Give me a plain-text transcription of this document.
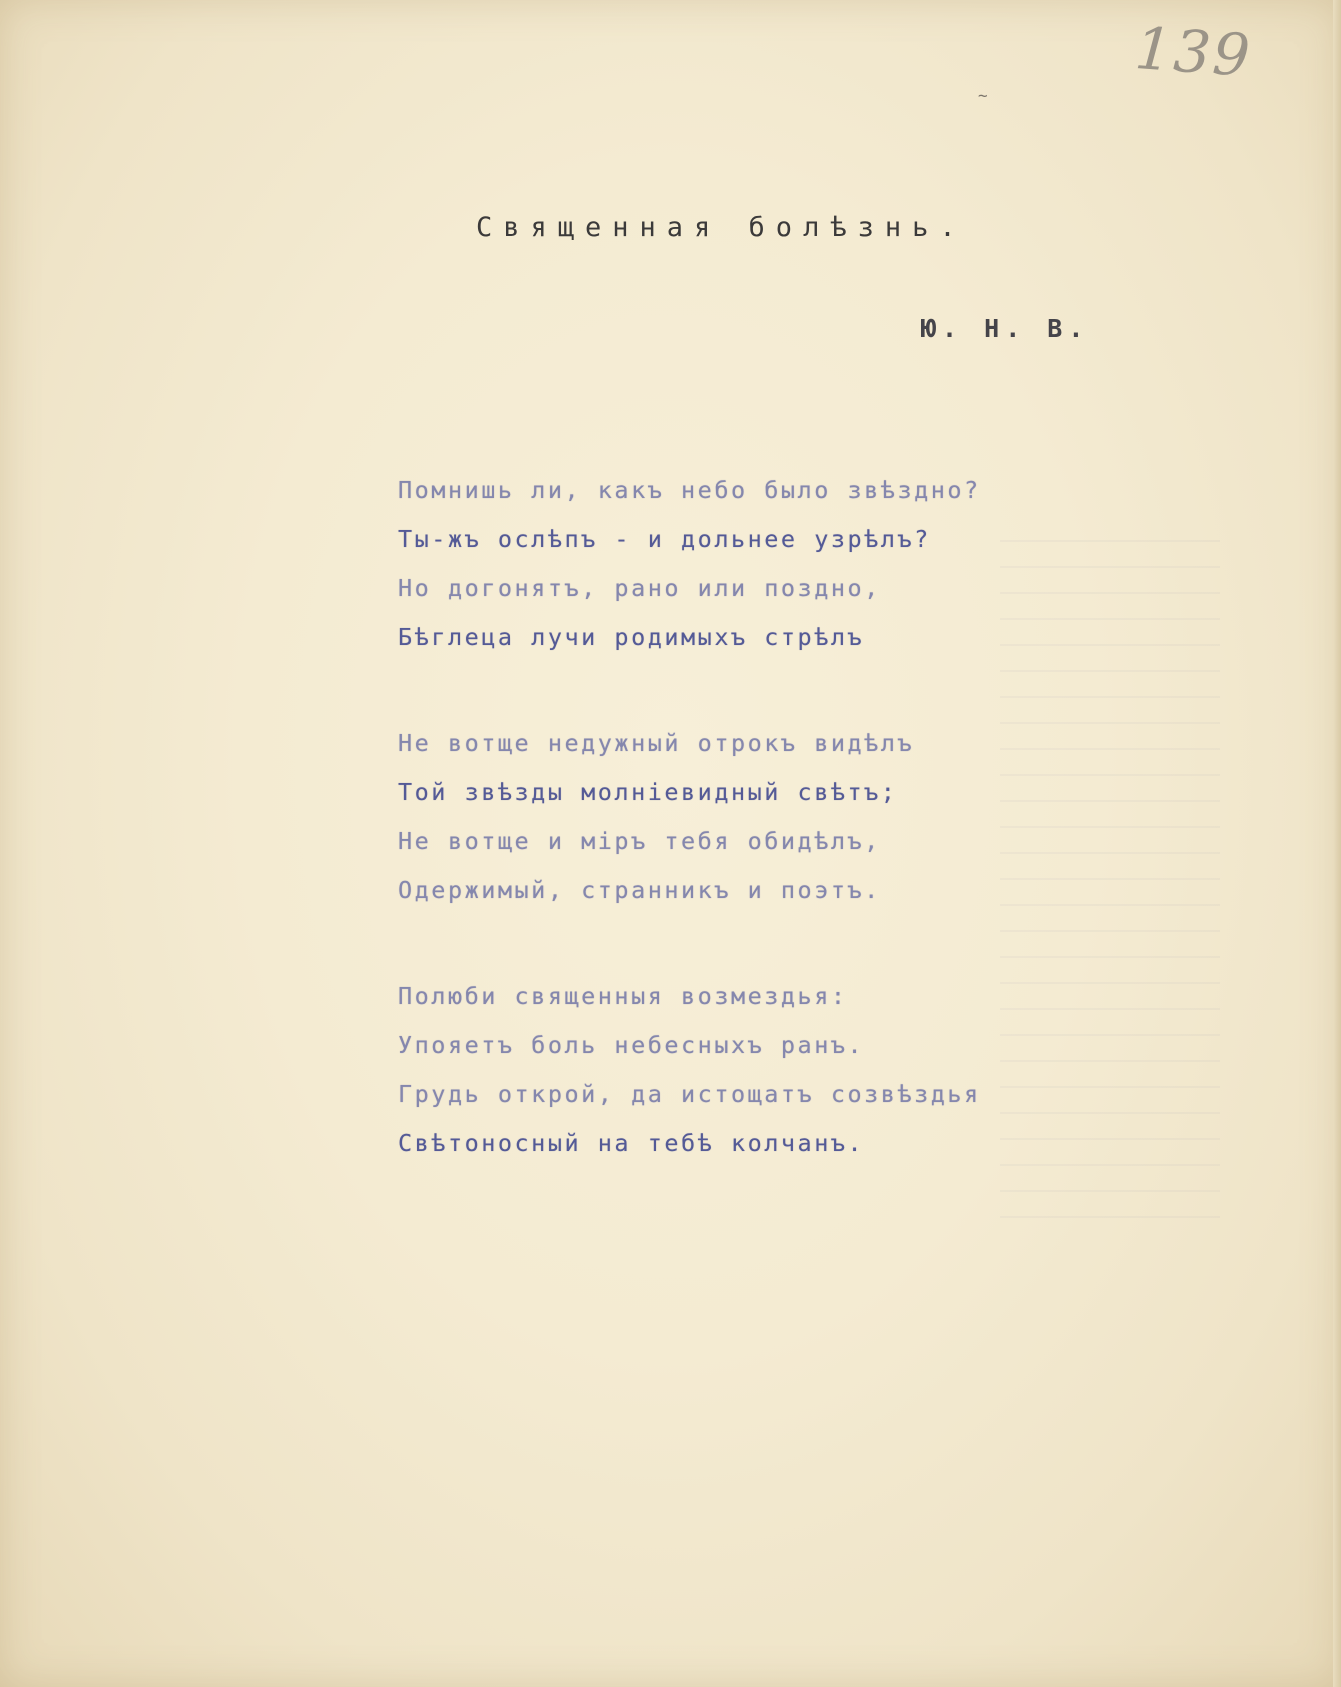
139
~
Священная болѣзнь.
Ю. Н. В.
Помнишь ли, какъ небо было звѣздно?
Ты-жъ ослѣпъ - и дольнее узрѣлъ?
Но догонятъ, рано или поздно,
Бѣглеца лучи родимыхъ стрѣлъ
Не вотще недужный отрокъ видѣлъ
Той звѣзды молніевидный свѣтъ;
Не вотще и міръ тебя обидѣлъ,
Одержимый, странникъ и поэтъ.
Полюби священныя возмездья:
Упояетъ боль небесныхъ ранъ.
Грудь открой, да истощатъ созвѣздья
Свѣтоносный на тебѣ колчанъ.
